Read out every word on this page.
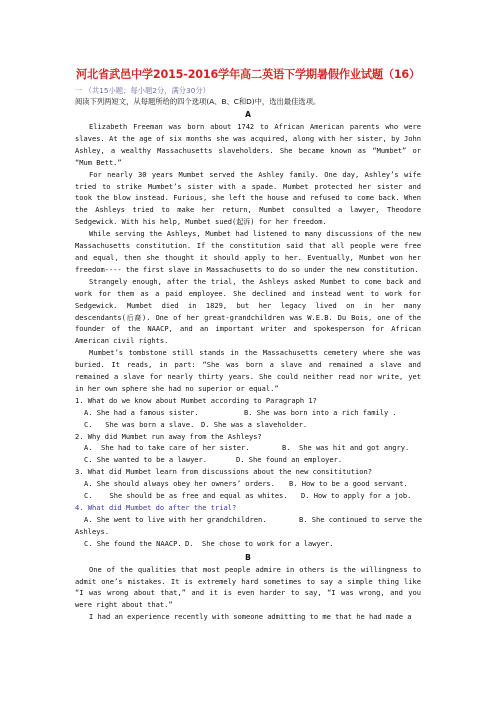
河北省武邑中学2015-2016学年高二英语下学期暑假作业试题（16）
一 （共15小题；每小题2分，满分30分）
阅读下列两短文，从每题所给的四个选项(A、B、C和D)中，选出最佳选项。
A

Elizabeth Freeman was born about 1742 to African American parents who were slaves. At the age of six months she was acquired, along with her sister, by John Ashley, a wealthy Massachusetts slaveholders. She became known as “Mumbet” or “Mum Bett.”

For nearly 30 years Mumbet served the Ashley family. One day, Ashley’s wife tried to strike Mumbet’s sister with a spade. Mumbet protected her sister and took the blow instead. Furious, she left the house and refused to come back. When the Ashleys tried to make her return, Mumbet consulted a lawyer, Theodore Sedgewick. With his help, Mumbet sued(起诉) for her freedom.

While serving the Ashleys, Mumbet had listened to many discussions of the new Massachusetts constitution. If the constitution said that all people were free and equal, then she thought it should apply to her. Eventually, Mumbet won her freedom---- the first slave in Massachusetts to do so under the new constitution.

Strangely enough, after the trial, the Ashleys asked Mumbet to come back and work for them as a paid employee. She declined and instead went to work for Sedgewick. Mumbet died in 1829, but her legacy lived on in her many descendants(后裔). One of her great-grandchildren was W.E.B. Du Bois, one of the founder of the NAACP, and an important writer and spokesperson for African American civil rights.

Mumbet’s tombstone still stands in the Massachusetts cemetery where she was buried. It reads, in part: “She was born a slave and remained a slave and remained a slave for nearly thirty years. She could neither read nor write, yet in her own sphere she had no superior or equal.”

1. What do we know about Mumbet according to Paragraph 1?
A. She had a famous sister.	B. She was born into a rich family .
C.   She was born a slave. D. She was a slaveholder.
2. Why did Mumbet run away from the Ashleys?
A.  She had to take care of her sister.	B.  She was hit and got angry.
C. She wanted to be a lawyer.	D. She found an employer.
3. What did Mumbet learn from discussions about the new consititution?
A. She should always obey her owners’ orders. B. How to be a good servant.
C.    She should be as free and equal as whites. D. How to apply for a job.
4. What did Mumbet do after the trial?
A. She went to live with her grandchildren.	B. She continued to serve the
Ashleys.
C. She found the NAACP. D.  She chose to work for a lawyer.
B

One of the qualities that most people admire in others is the willingness to admit one’s mistakes. It is extremely hard sometimes to say a simple thing like “I was wrong about that,” and it is even harder to say, “I was wrong, and you were right about that.”

I had an experience recently with someone admitting to me that he had made a
